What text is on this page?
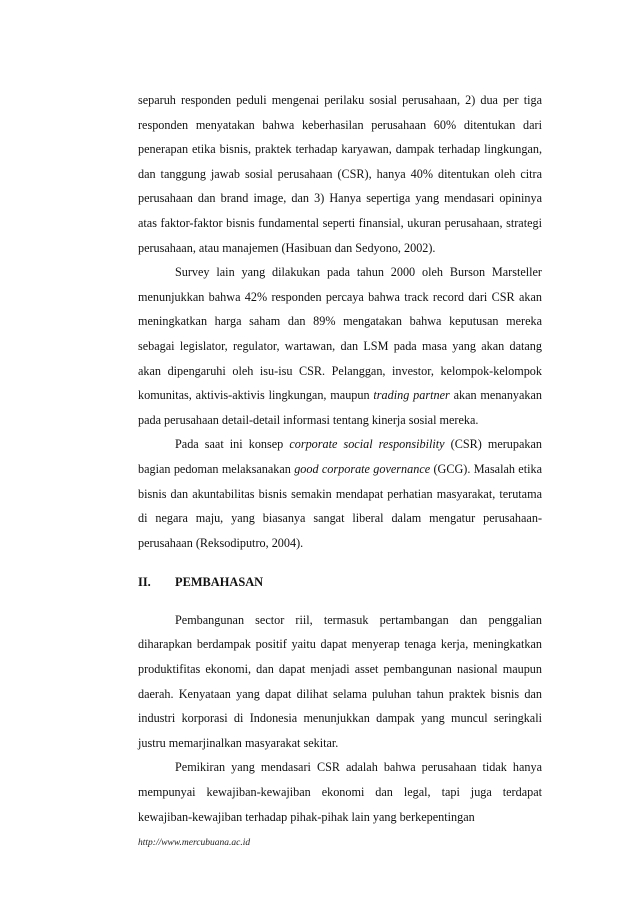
separuh responden peduli mengenai perilaku sosial perusahaan, 2) dua per tiga responden menyatakan bahwa keberhasilan perusahaan 60% ditentukan dari penerapan etika bisnis, praktek terhadap karyawan, dampak terhadap lingkungan, dan tanggung jawab sosial perusahaan (CSR), hanya 40% ditentukan oleh citra perusahaan dan brand image, dan 3) Hanya sepertiga yang mendasari opininya atas faktor-faktor bisnis fundamental seperti finansial, ukuran perusahaan, strategi perusahaan, atau manajemen (Hasibuan dan Sedyono, 2002).

Survey lain yang dilakukan pada tahun 2000 oleh Burson Marsteller menunjukkan bahwa 42% responden percaya bahwa track record dari CSR akan meningkatkan harga saham dan 89% mengatakan bahwa keputusan mereka sebagai legislator, regulator, wartawan, dan LSM pada masa yang akan datang akan dipengaruhi oleh isu-isu CSR. Pelanggan, investor, kelompok-kelompok komunitas, aktivis-aktivis lingkungan, maupun trading partner akan menanyakan pada perusahaan detail-detail informasi tentang kinerja sosial mereka.

Pada saat ini konsep corporate social responsibility (CSR) merupakan bagian pedoman melaksanakan good corporate governance (GCG). Masalah etika bisnis dan akuntabilitas bisnis semakin mendapat perhatian masyarakat, terutama di negara maju, yang biasanya sangat liberal dalam mengatur perusahaan-perusahaan (Reksodiputro, 2004).

II.	PEMBAHASAN

Pembangunan sector riil, termasuk pertambangan dan penggalian diharapkan berdampak positif yaitu dapat menyerap tenaga kerja, meningkatkan produktifitas ekonomi, dan dapat menjadi asset pembangunan nasional maupun daerah. Kenyataan yang dapat dilihat selama puluhan tahun praktek bisnis dan industri korporasi di Indonesia menunjukkan dampak yang muncul seringkali justru memarjinalkan masyarakat sekitar.

Pemikiran yang mendasari CSR adalah bahwa perusahaan tidak hanya mempunyai kewajiban-kewajiban ekonomi dan legal, tapi juga terdapat kewajiban-kewajiban terhadap pihak-pihak lain yang berkepentingan

http://www.mercubuana.ac.id
